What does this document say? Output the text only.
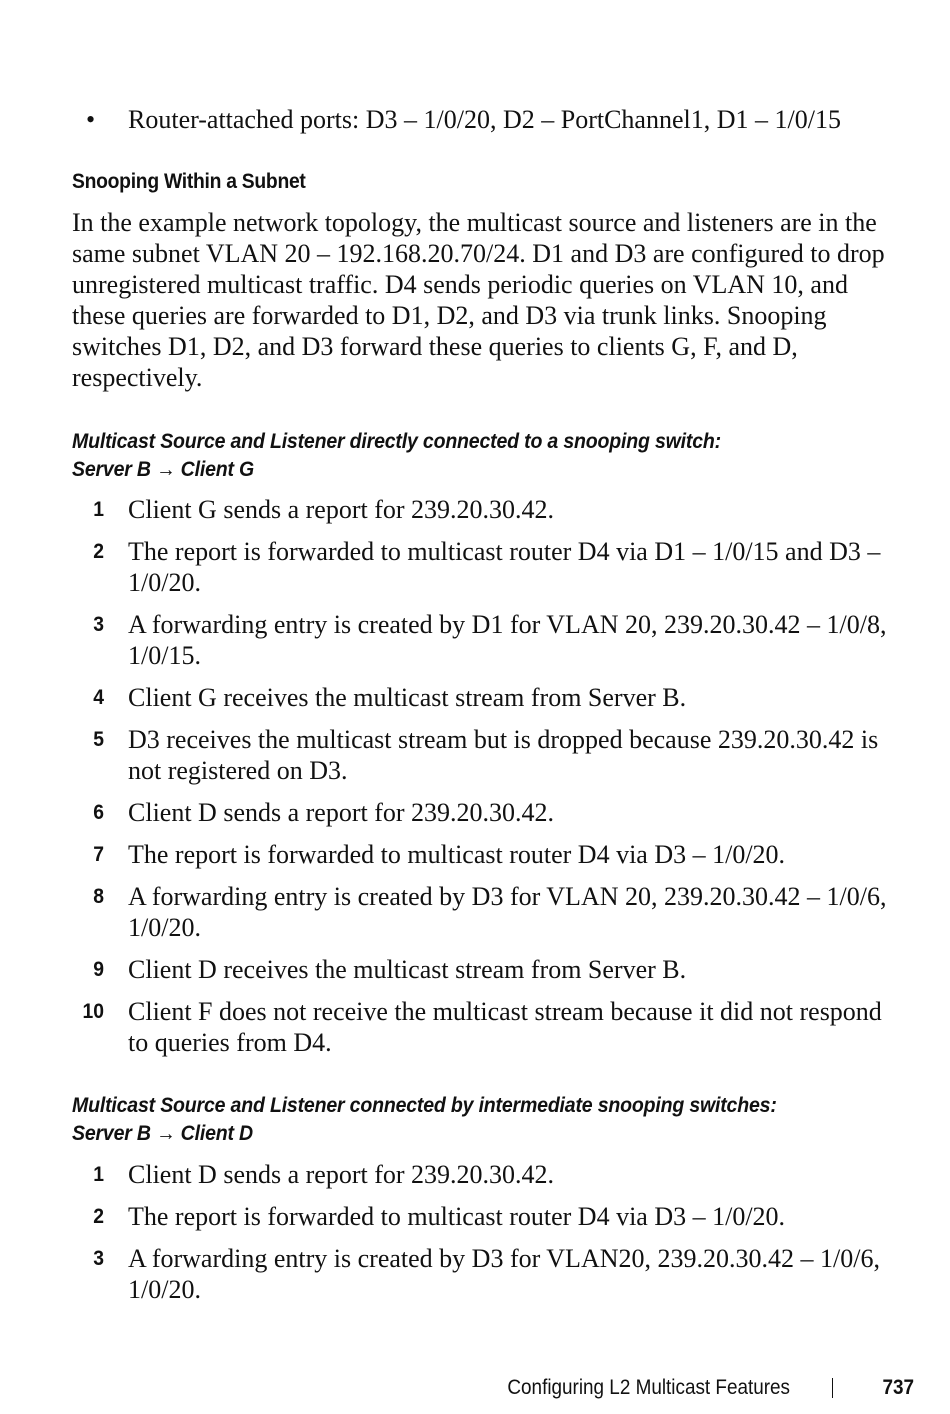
• Router-attached ports: D3 – 1/0/20, D2 – PortChannel1, D1 – 1/0/15
Snooping Within a Subnet
In the example network topology, the multicast source and listeners are in the
same subnet VLAN 20 – 192.168.20.70/24. D1 and D3 are configured to drop
unregistered multicast traffic. D4 sends periodic queries on VLAN 10, and
these queries are forwarded to D1, D2, and D3 via trunk links. Snooping
switches D1, D2, and D3 forward these queries to clients G, F, and D,
respectively.
Multicast Source and Listener directly connected to a snooping switch:
Server B → Client G
1 Client G sends a report for 239.20.30.42.
2 The report is forwarded to multicast router D4 via D1 – 1/0/15 and D3 –
1/0/20.
3 A forwarding entry is created by D1 for VLAN 20, 239.20.30.42 – 1/0/8,
1/0/15.
4 Client G receives the multicast stream from Server B.
5 D3 receives the multicast stream but is dropped because 239.20.30.42 is
not registered on D3.
6 Client D sends a report for 239.20.30.42.
7 The report is forwarded to multicast router D4 via D3 – 1/0/20.
8 A forwarding entry is created by D3 for VLAN 20, 239.20.30.42 – 1/0/6,
1/0/20.
9 Client D receives the multicast stream from Server B.
10 Client F does not receive the multicast stream because it did not respond
to queries from D4.
Multicast Source and Listener connected by intermediate snooping switches:
Server B → Client D
1 Client D sends a report for 239.20.30.42.
2 The report is forwarded to multicast router D4 via D3 – 1/0/20.
3 A forwarding entry is created by D3 for VLAN20, 239.20.30.42 – 1/0/6,
1/0/20.
Configuring L2 Multicast Features	737
